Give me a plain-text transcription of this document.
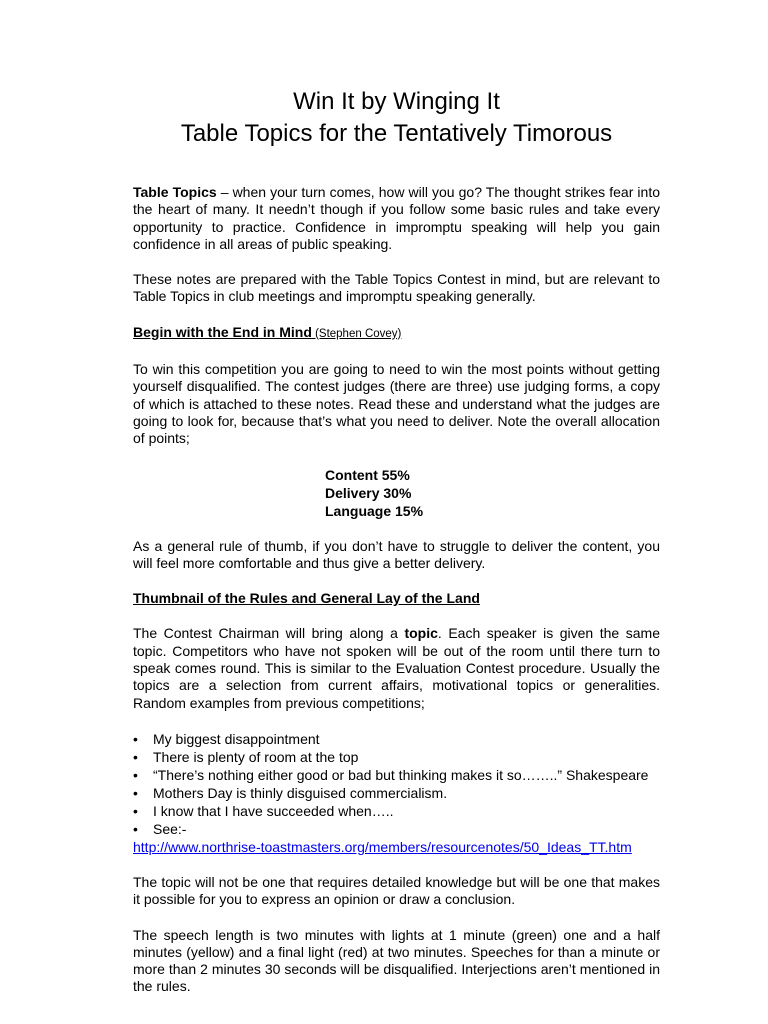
Win It by Winging It
Table Topics for the Tentatively Timorous

Table Topics – when your turn comes, how will you go? The thought strikes fear into the heart of many. It needn’t though if you follow some basic rules and take every opportunity to practice. Confidence in impromptu speaking will help you gain confidence in all areas of public speaking.

These notes are prepared with the Table Topics Contest in mind, but are relevant to Table Topics in club meetings and impromptu speaking generally.

Begin with the End in Mind (Stephen Covey)

To win this competition you are going to need to win the most points without getting yourself disqualified. The contest judges (there are three) use judging forms, a copy of which is attached to these notes. Read these and understand what the judges are going to look for, because that’s what you need to deliver. Note the overall allocation of points;

Content 55%
Delivery 30%
Language 15%

As a general rule of thumb, if you don’t have to struggle to deliver the content, you will feel more comfortable and thus give a better delivery.

Thumbnail of the Rules and General Lay of the Land

The Contest Chairman will bring along a topic. Each speaker is given the same topic. Competitors who have not spoken will be out of the room until there turn to speak comes round. This is similar to the Evaluation Contest procedure. Usually the topics are a selection from current affairs, motivational topics or generalities. Random examples from previous competitions;

• My biggest disappointment
• There is plenty of room at the top
• “There’s nothing either good or bad but thinking makes it so……..” Shakespeare
• Mothers Day is thinly disguised commercialism.
• I know that I have succeeded when…..
• See:-
http://www.northrise-toastmasters.org/members/resourcenotes/50_Ideas_TT.htm

The topic will not be one that requires detailed knowledge but will be one that makes it possible for you to express an opinion or draw a conclusion.

The speech length is two minutes with lights at 1 minute (green) one and a half minutes (yellow) and a final light (red) at two minutes. Speeches for than a minute or more than 2 minutes 30 seconds will be disqualified. Interjections aren’t mentioned in the rules.
